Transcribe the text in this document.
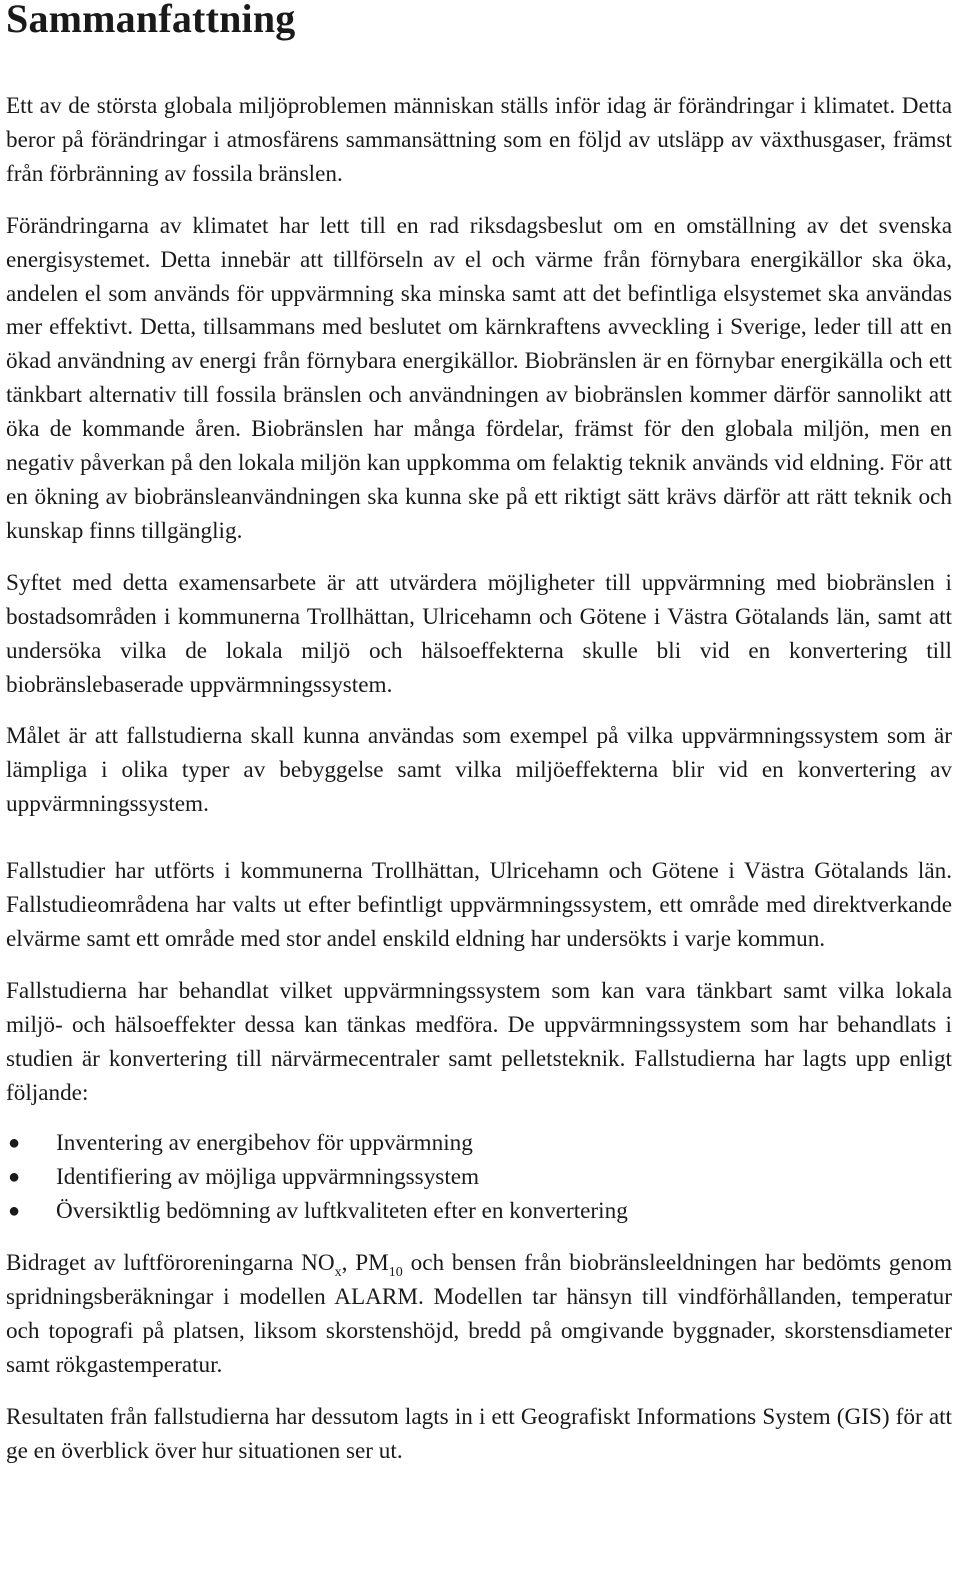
Sammanfattning

Ett av de största globala miljöproblemen människan ställs inför idag är förändringar i klimatet. Detta beror på förändringar i atmosfärens sammansättning som en följd av utsläpp av växthusgaser, främst från förbränning av fossila bränslen.

Förändringarna av klimatet har lett till en rad riksdagsbeslut om en omställning av det svenska energisystemet. Detta innebär att tillförseln av el och värme från förnybara energikällor ska öka, andelen el som används för uppvärmning ska minska samt att det befintliga elsystemet ska användas mer effektivt. Detta, tillsammans med beslutet om kärnkraftens avveckling i Sverige, leder till att en ökad användning av energi från förnybara energikällor. Biobränslen är en förnybar energikälla och ett tänkbart alternativ till fossila bränslen och användningen av biobränslen kommer därför sannolikt att öka de kommande åren. Biobränslen har många fördelar, främst för den globala miljön, men en negativ påverkan på den lokala miljön kan uppkomma om felaktig teknik används vid eldning. För att en ökning av biobränsleanvändningen ska kunna ske på ett riktigt sätt krävs därför att rätt teknik och kunskap finns tillgänglig.

Syftet med detta examensarbete är att utvärdera möjligheter till uppvärmning med biobränslen i bostadsområden i kommunerna Trollhättan, Ulricehamn och Götene i Västra Götalands län, samt att undersöka vilka de lokala miljö och hälsoeffekterna skulle bli vid en konvertering till biobränslebaserade uppvärmningssystem.

Målet är att fallstudierna skall kunna användas som exempel på vilka uppvärmningssystem som är lämpliga i olika typer av bebyggelse samt vilka miljöeffekterna blir vid en konvertering av uppvärmningssystem.

Fallstudier har utförts i kommunerna Trollhättan, Ulricehamn och Götene i Västra Götalands län. Fallstudieområdena har valts ut efter befintligt uppvärmningssystem, ett område med direktverkande elvärme samt ett område med stor andel enskild eldning har undersökts i varje kommun.

Fallstudierna har behandlat vilket uppvärmningssystem som kan vara tänkbart samt vilka lokala miljö- och hälsoeffekter dessa kan tänkas medföra. De uppvärmningssystem som har behandlats i studien är konvertering till närvärmecentraler samt pelletsteknik. Fallstudierna har lagts upp enligt följande:

●	Inventering av energibehov för uppvärmning
●	Identifiering av möjliga uppvärmningssystem
●	Översiktlig bedömning av luftkvaliteten efter en konvertering

Bidraget av luftföroreningarna $NO_x$, $PM_{10}$ och bensen från biobränsleeldningen har bedömts genom spridningsberäkningar i modellen ALARM. Modellen tar hänsyn till vindförhållanden, temperatur och topografi på platsen, liksom skorstenshöjd, bredd på omgivande byggnader, skorstensdiameter samt rökgastemperatur.

Resultaten från fallstudierna har dessutom lagts in i ett Geografiskt Informations System (GIS) för att ge en överblick över hur situationen ser ut.
